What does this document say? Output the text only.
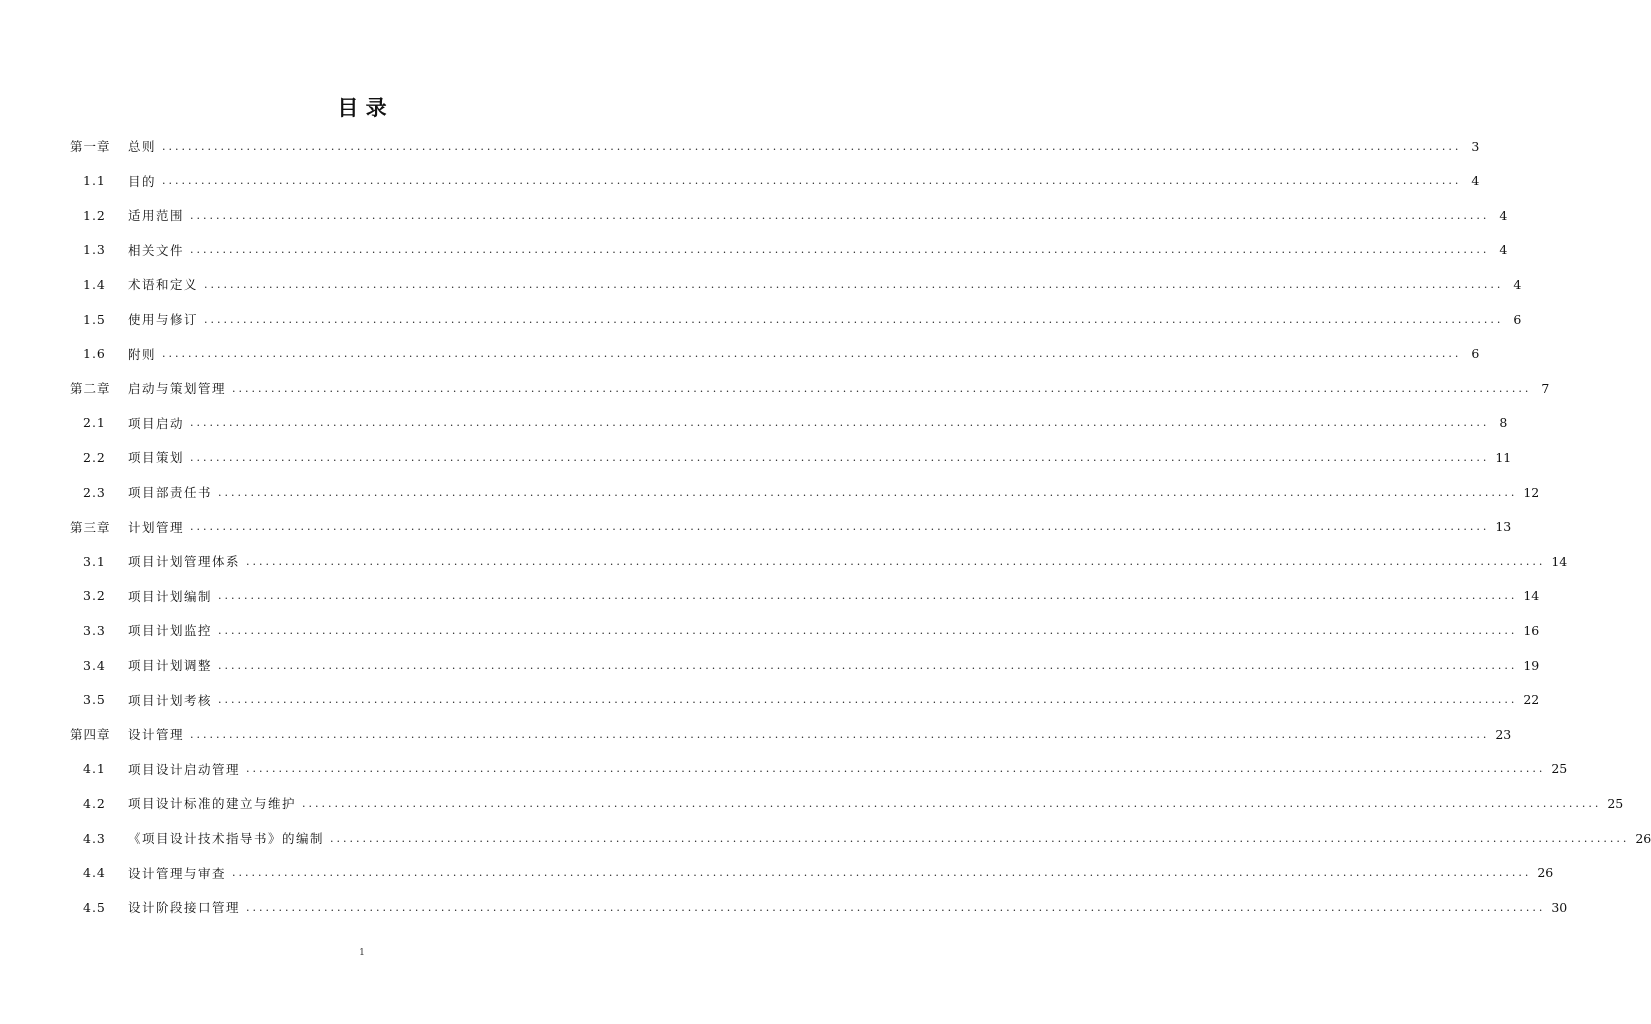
目 录
第一章	总则 ........................................................................................................................................................................................................ 3
1.1	目的 ........................................................................................................................................................................................................ 4
1.2	适用范围 ........................................................................................................................................................................................................ 4
1.3	相关文件 ........................................................................................................................................................................................................ 4
1.4	术语和定义 ........................................................................................................................................................................................................ 4
1.5	使用与修订 ........................................................................................................................................................................................................ 6
1.6	附则 ........................................................................................................................................................................................................ 6
第二章	启动与策划管理 ........................................................................................................................................................................................................ 7
2.1	项目启动 ........................................................................................................................................................................................................ 8
2.2	项目策划 ........................................................................................................................................................................................................ 11
2.3	项目部责任书 ........................................................................................................................................................................................................ 12
第三章	计划管理 ........................................................................................................................................................................................................ 13
3.1	项目计划管理体系 ........................................................................................................................................................................................................ 14
3.2	项目计划编制 ........................................................................................................................................................................................................ 14
3.3	项目计划监控 ........................................................................................................................................................................................................ 16
3.4	项目计划调整 ........................................................................................................................................................................................................ 19
3.5	项目计划考核 ........................................................................................................................................................................................................ 22
第四章	设计管理 ........................................................................................................................................................................................................ 23
4.1	项目设计启动管理 ........................................................................................................................................................................................................ 25
4.2	项目设计标准的建立与维护 ........................................................................................................................................................................................................ 25
4.3	《项目设计技术指导书》的编制 ........................................................................................................................................................................................................ 26
4.4	设计管理与审查 ........................................................................................................................................................................................................ 26
4.5	设计阶段接口管理 ........................................................................................................................................................................................................ 30
1
